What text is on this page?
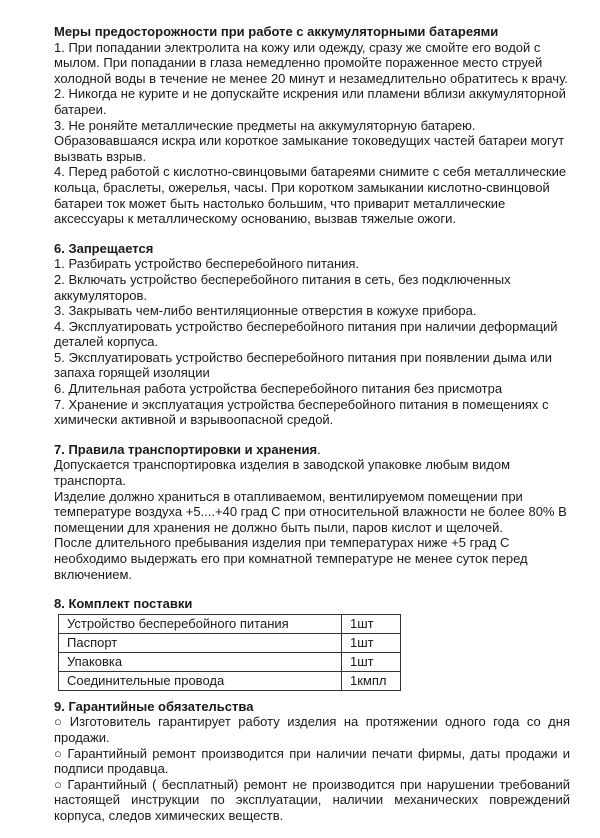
Меры предосторожности при работе с аккумуляторными батареями

1. При попадании электролита на кожу или одежду, сразу же смойте его водой с мылом. При попадании в глаза немедленно промойте пораженное место струей холодной воды в течение не менее 20 минут и незамедлительно обратитесь к врачу.

2. Никогда не курите и не допускайте искрения или пламени вблизи аккумуляторной батареи.

3. Не роняйте металлические предметы на аккумуляторную батарею. Образовавшаяся искра или короткое замыкание токоведущих частей батареи могут вызвать взрыв.

4. Перед работой с кислотно-свинцовыми батареями снимите с себя металлические кольца, браслеты, ожерелья, часы. При коротком замыкании кислотно-свинцовой батареи ток может быть настолько большим, что приварит металлические аксессуары к металлическому основанию, вызвав тяжелые ожоги.

6. Запрещается

1. Разбирать устройство бесперебойного питания.

2. Включать устройство бесперебойного питания в сеть, без подключенных аккумуляторов.

3. Закрывать чем-либо вентиляционные отверстия в кожухе прибора.

4. Эксплуатировать устройство бесперебойного питания при наличии деформаций деталей корпуса.

5. Эксплуатировать устройство бесперебойного питания при появлении дыма или запаха горящей изоляции

6. Длительная работа устройства бесперебойного питания без присмотра

7. Хранение и эксплуатация устройства бесперебойного питания в помещениях с химически активной и взрывоопасной средой.

7. Правила транспортировки и хранения.

Допускается транспортировка изделия в заводской упаковке любым видом транспорта.

Изделие должно храниться в отапливаемом, вентилируемом помещении при температуре воздуха +5....+40 град С при относительной влажности не более 80% В помещении для хранения не должно быть пыли, паров кислот и щелочей.

После длительного пребывания изделия при температурах ниже +5 град С необходимо выдержать его при комнатной температуре не менее суток перед включением.

8. Комплект поставки

Устройство бесперебойного питания	1шт
Паспорт	1шт
Упаковка	1шт
Соединительные провода	1кмпл

9. Гарантийные обязательства

○ Изготовитель гарантирует работу изделия на протяжении одного года со дня продажи.

○ Гарантийный ремонт производится при наличии печати фирмы, даты продажи и подписи продавца.

○ Гарантийный ( бесплатный) ремонт не производится при нарушении требований настоящей инструкции по эксплуатации, наличии механических повреждений корпуса, следов химических веществ.
